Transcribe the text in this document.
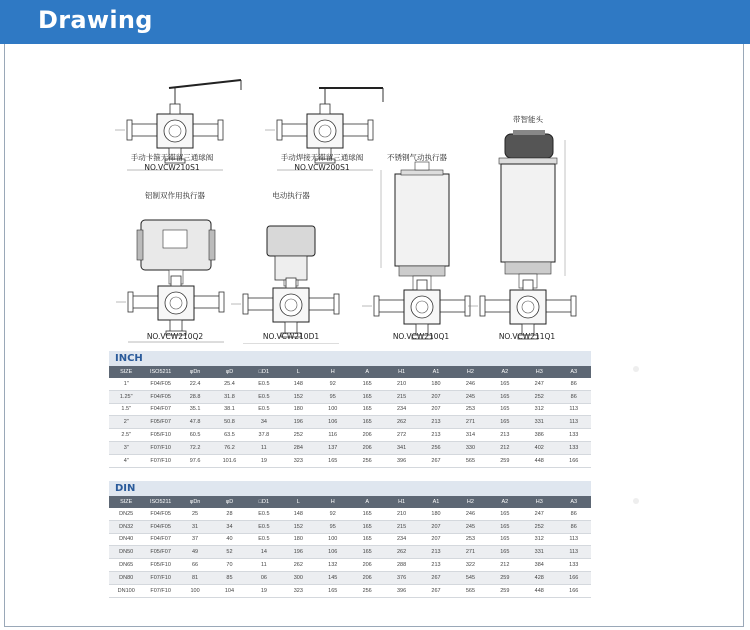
Drawing
手动卡箍无滞留三通球阀
NO.VCW210S1
手动焊接无滞留三通球阀
NO.VCW200S1
不锈钢气动执行器
带智能头
铝制双作用执行器
NO.VCW210Q2
电动执行器
NO.VCW210D1	NO.VCW210Q1	NO.VCW211Q1
INCH
SIZE	ISO5211	φDn	φD	□D1	L	H	A	H1	A1	H2	A2	H3	A3
1"	F04/F05	22.4	25.4	Ε0.5	148	92	165	210	180	246	165	247	86
1.25"	F04/F05	28.8	31.8	Ε0.5	152	95	165	215	207	245	165	252	86
1.5"	F04/F07	35.1	38.1	Ε0.5	180	100	165	234	207	253	165	312	113
2"	F05/F07	47.8	50.8	34	196	106	165	262	213	271	165	331	113
2.5"	F05/F10	60.5	63.5	37.8	252	116	206	272	213	314	213	386	133
3"	F07/F10	72.2	76.2	11	284	137	206	341	256	330	212	402	133
4"	F07/F10	97.6	101.6	19	323	165	256	396	267	565	259	448	166
DIN
SIZE	ISO5211	φDn	φD	□D1	L	H	A	H1	A1	H2	A2	H3	A3
DN25	F04/F05	25	28	Ε0.5	148	92	165	210	180	246	165	247	86
DN32	F04/F05	31	34	Ε0.5	152	95	165	215	207	245	165	252	86
DN40	F04/F07	37	40	Ε0.5	180	100	165	234	207	253	165	312	113
DN50	F05/F07	49	52	14	196	106	165	262	213	271	165	331	113
DN65	F05/F10	66	70	11	262	132	206	288	213	322	212	384	133
DN80	F07/F10	81	85	06	300	145	206	376	267	545	259	428	166
DN100	F07/F10	100	104	19	323	165	256	396	267	565	259	448	166
